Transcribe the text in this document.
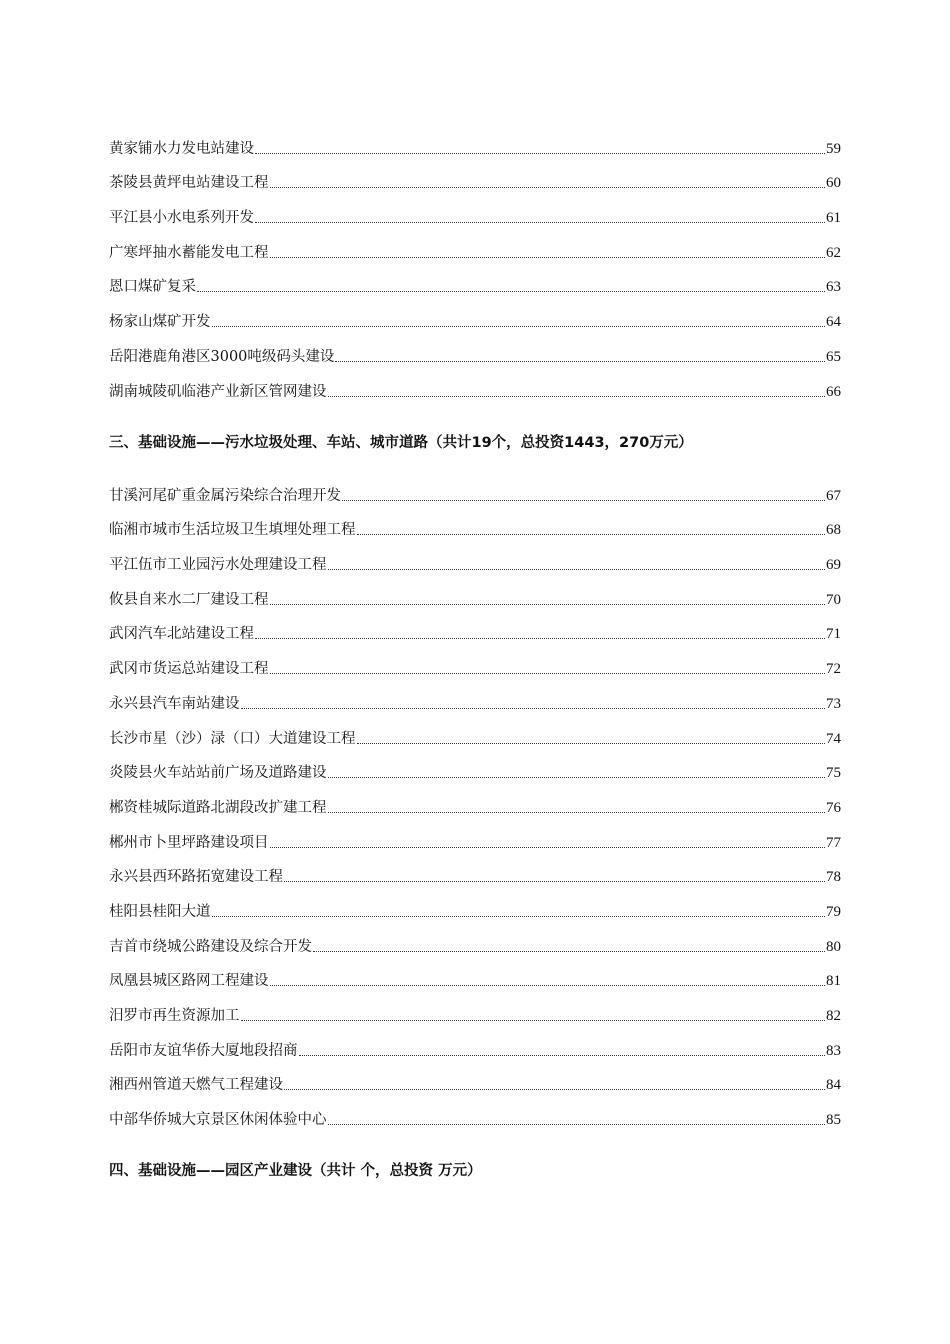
黄家铺水力发电站建设	59
茶陵县黄坪电站建设工程	60
平江县小水电系列开发	61
广寒坪抽水蓄能发电工程	62
恩口煤矿复采	63
杨家山煤矿开发	64
岳阳港鹿角港区3000吨级码头建设	65
湖南城陵矶临港产业新区管网建设	66
三、基础设施——污水垃圾处理、车站、城市道路（共计19个，总投资1443，270万元）
甘溪河尾矿重金属污染综合治理开发	67
临湘市城市生活垃圾卫生填埋处理工程	68
平江伍市工业园污水处理建设工程	69
攸县自来水二厂建设工程	70
武冈汽车北站建设工程	71
武冈市货运总站建设工程	72
永兴县汽车南站建设	73
长沙市星（沙）渌（口）大道建设工程	74
炎陵县火车站站前广场及道路建设	75
郴资桂城际道路北湖段改扩建工程	76
郴州市卜里坪路建设项目	77
永兴县西环路拓宽建设工程	78
桂阳县桂阳大道	79
吉首市绕城公路建设及综合开发	80
凤凰县城区路网工程建设	81
汨罗市再生资源加工	82
岳阳市友谊华侨大厦地段招商	83
湘西州管道天燃气工程建设	84
中部华侨城大京景区休闲体验中心	85
四、基础设施——园区产业建设（共计 个，总投资 万元）
